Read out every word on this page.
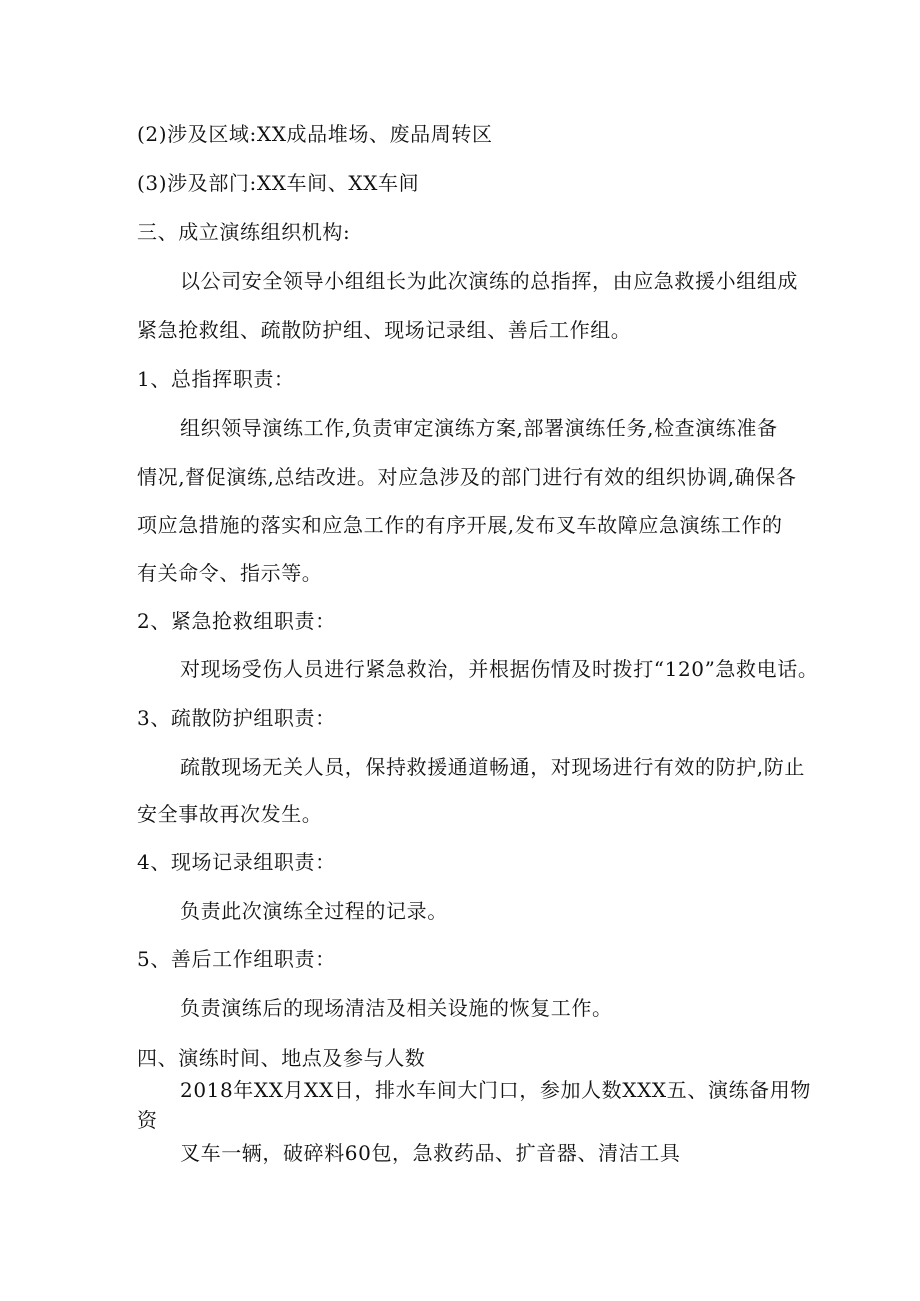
(2)涉及区域:XX成品堆场、废品周转区
(3)涉及部门:XX车间、XX车间
三、成立演练组织机构:
以公司安全领导小组组长为此次演练的总指挥，由应急救援小组组成
紧急抢救组、疏散防护组、现场记录组、善后工作组。
1、总指挥职责：
组织领导演练工作,负责审定演练方案,部署演练任务,检查演练准备
情况,督促演练,总结改进。对应急涉及的部门进行有效的组织协调,确保各
项应急措施的落实和应急工作的有序开展,发布叉车故障应急演练工作的
有关命令、指示等。
2、紧急抢救组职责：
对现场受伤人员进行紧急救治，并根据伤情及时拨打“120”急救电话。
3、疏散防护组职责：
疏散现场无关人员，保持救援通道畅通，对现场进行有效的防护,防止
安全事故再次发生。
4、现场记录组职责：
负责此次演练全过程的记录。
5、善后工作组职责：
负责演练后的现场清洁及相关设施的恢复工作。
四、演练时间、地点及参与人数
2018年XX月XX日，排水车间大门口，参加人数XXX五、演练备用物
资
叉车一辆，破碎料60包，急救药品、扩音器、清洁工具
